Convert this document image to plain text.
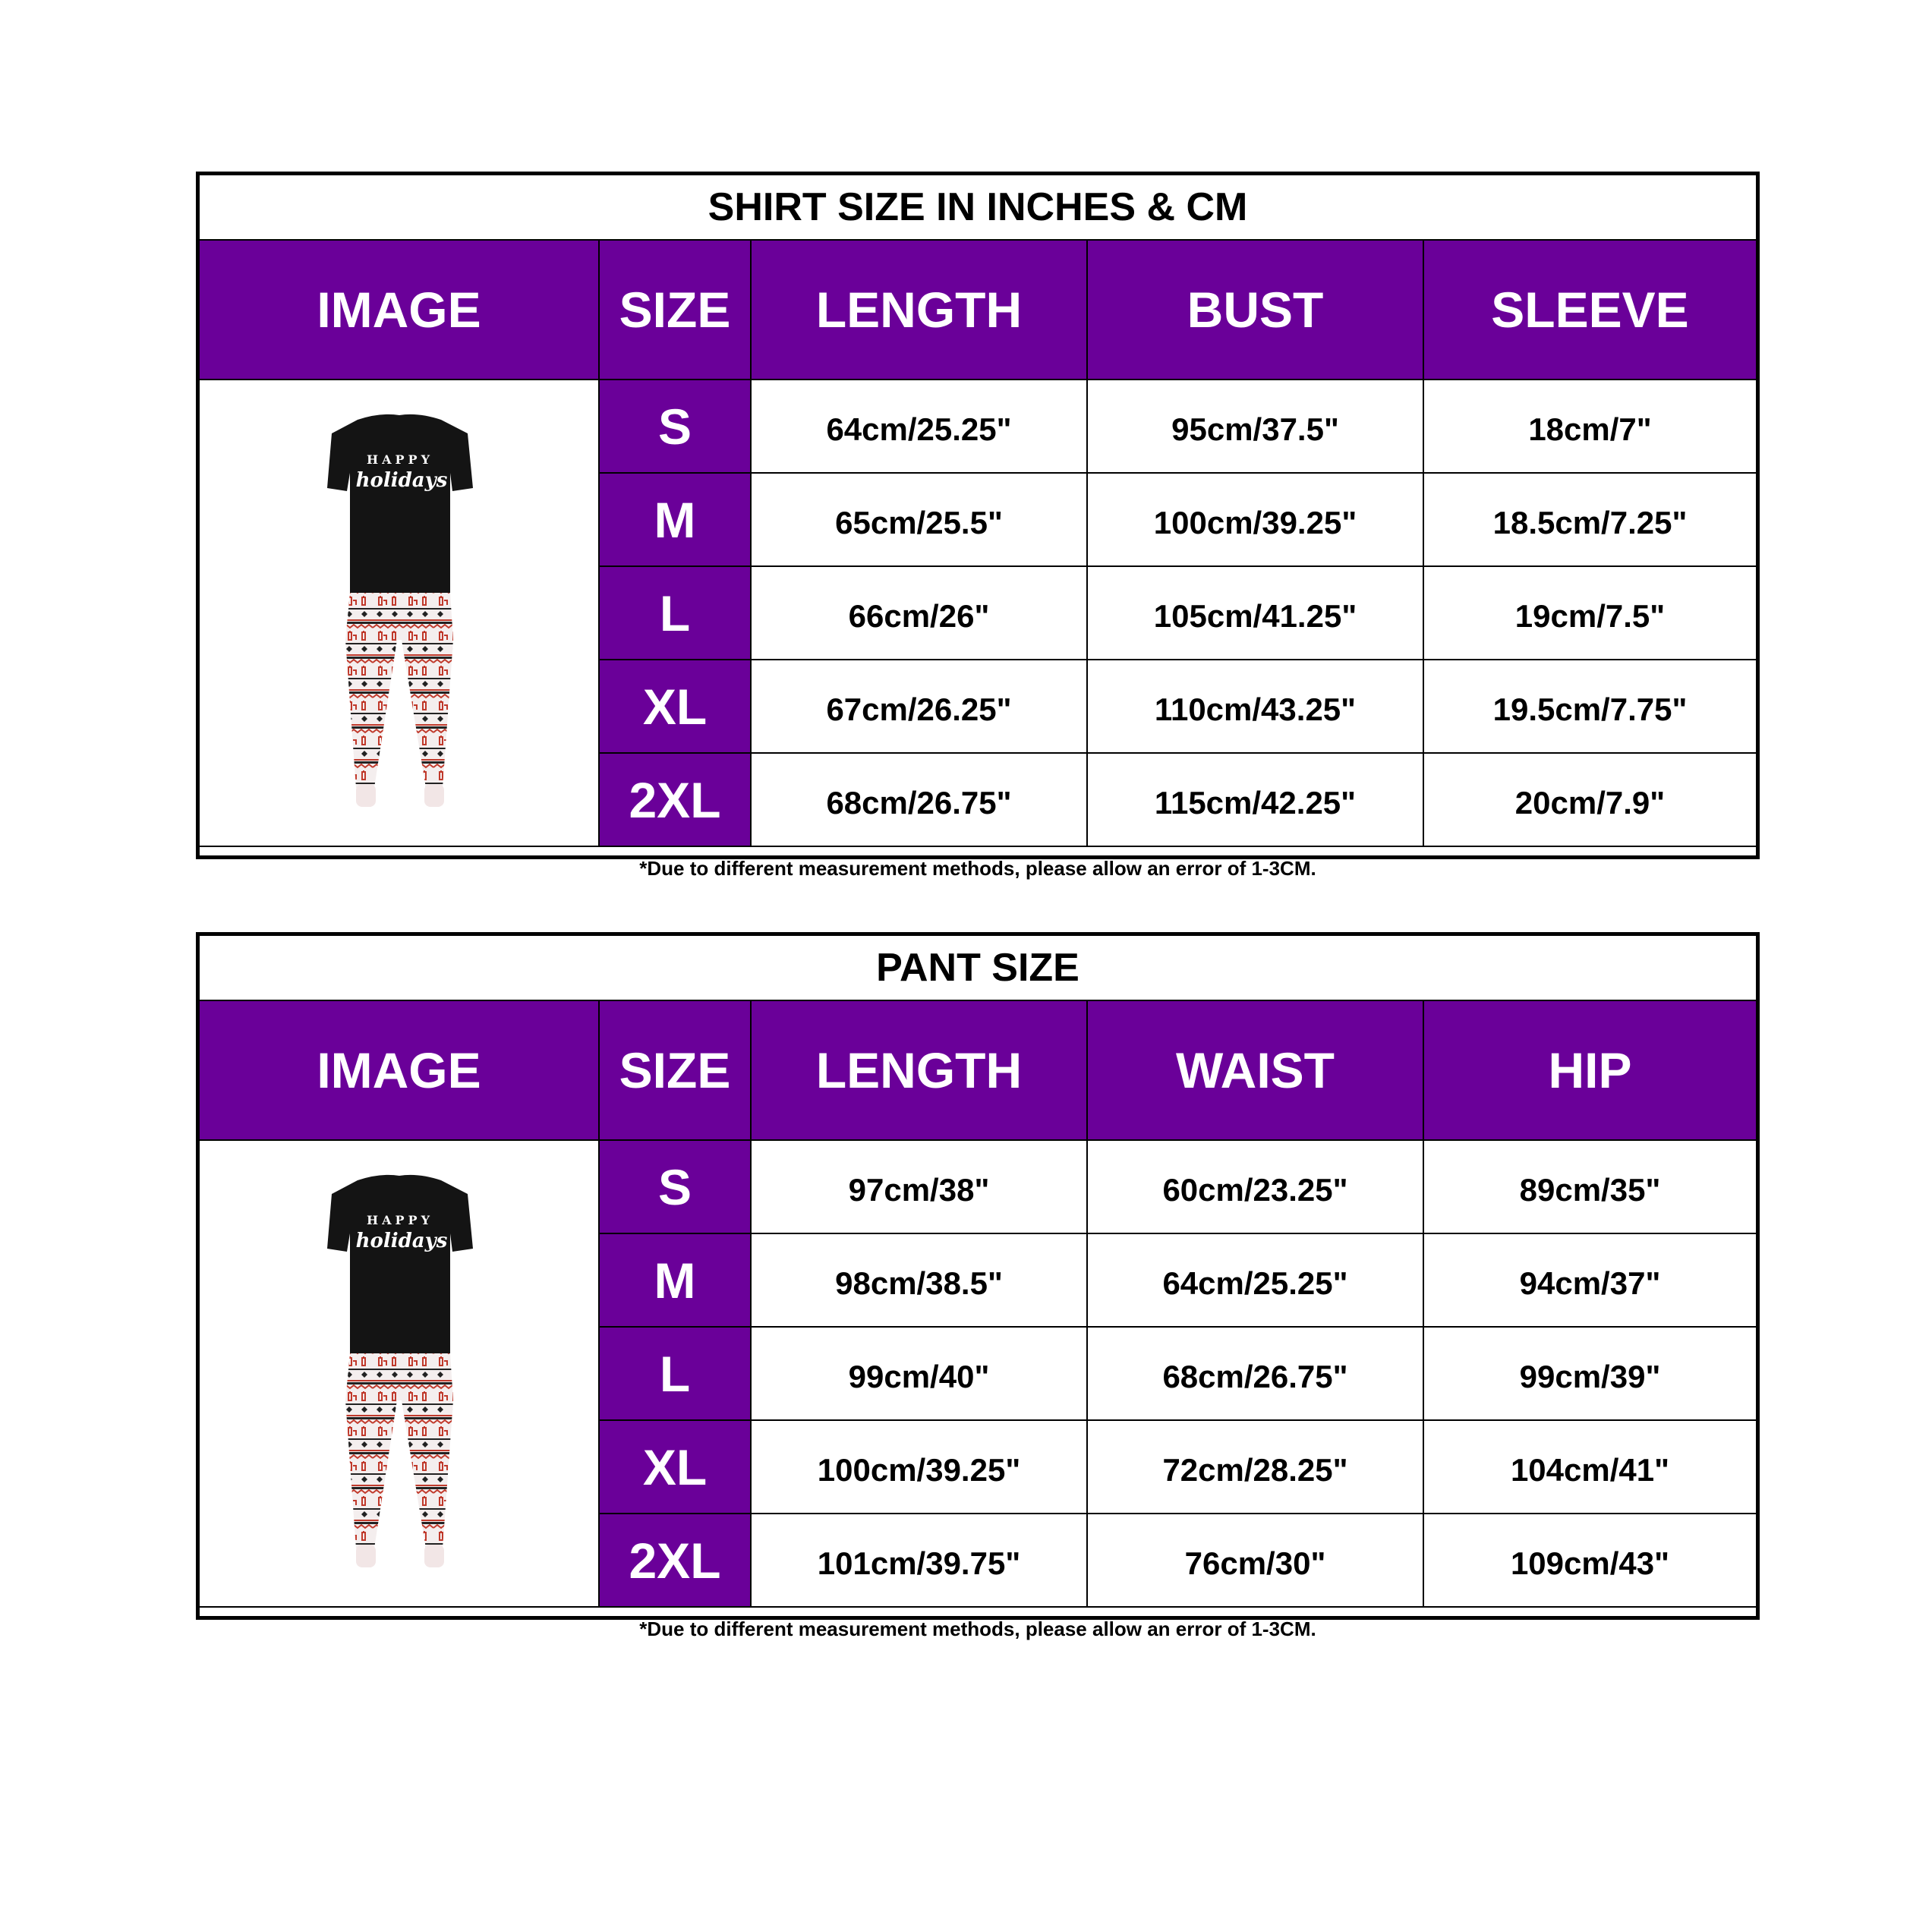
SHIRT SIZE IN INCHES & CM
IMAGE	SIZE	LENGTH	BUST	SLEEVE

HAPPY
holidays	S	64cm/25.25"	95cm/37.5"	18cm/7"
	M	65cm/25.5"	100cm/39.25"	18.5cm/7.25"
	L	66cm/26"	105cm/41.25"	19cm/7.5"
	XL	67cm/26.25"	110cm/43.25"	19.5cm/7.75"
	2XL	68cm/26.75"	115cm/42.25"	20cm/7.9"
*Due to different measurement methods, please allow an error of 1-3CM.
PANT SIZE
IMAGE	SIZE	LENGTH	WAIST	HIP

HAPPY
holidays	S	97cm/38"	60cm/23.25"	89cm/35"
	M	98cm/38.5"	64cm/25.25"	94cm/37"
	L	99cm/40"	68cm/26.75"	99cm/39"
	XL	100cm/39.25"	72cm/28.25"	104cm/41"
	2XL	101cm/39.75"	76cm/30"	109cm/43"
*Due to different measurement methods, please allow an error of 1-3CM.
